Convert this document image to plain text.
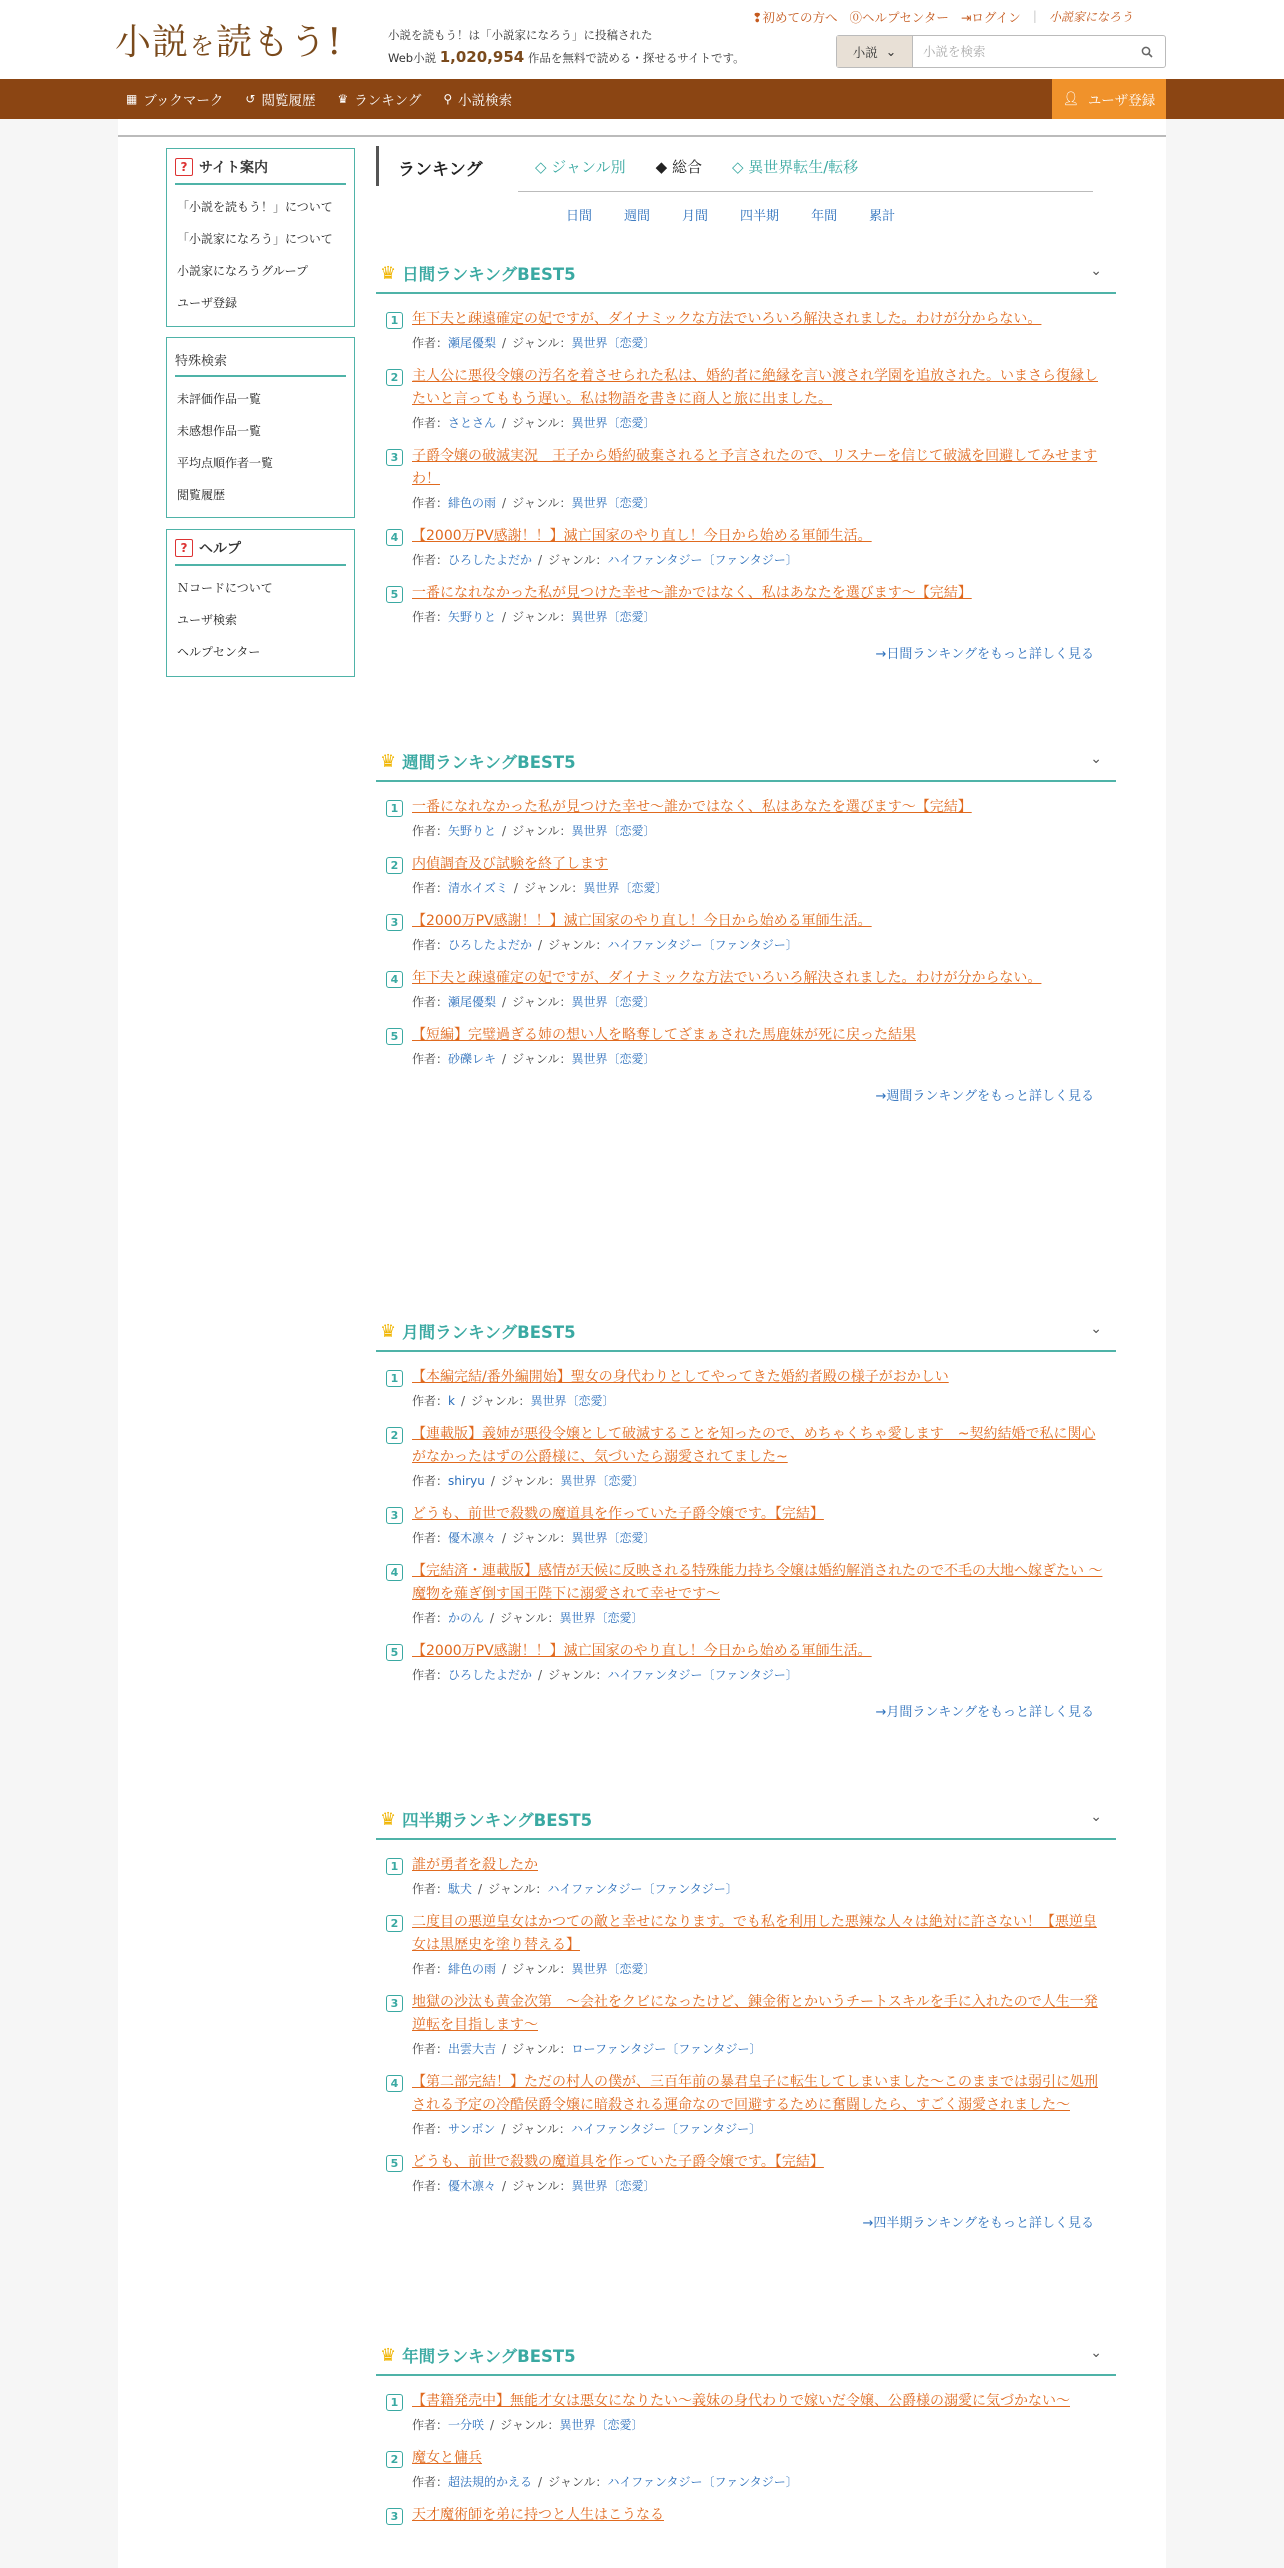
小説を読もう!	小説を読もう！は「小説家になろう」に投稿された
Web小説 1,020,954 作品を無料で読める・探せるサイトです。
❢初めての方へ ⓪ヘルプセンター ⇥ログイン | 小説家になろう
小説 ⌄
小説を検索
▦ ブックマーク ↺ 閲覧履歴 ♛ ランキング ⚲ 小説検索	👤︎ ユーザ登録
? サイト案内
「小説を読もう！」について
「小説家になろう」について
小説家になろうグループ
ユーザ登録
特殊検索
未評価作品一覧
未感想作品一覧
平均点順作者一覧
閲覧履歴
? ヘルプ
Ｎコードについて
ユーザ検索
ヘルプセンター
ランキング	◇ ジャンル別 ◆ 総合 ◇ 異世界転生/転移
日間 週間 月間 四半期 年間 累計
♛ 日間ランキングBEST5	⌄
1 年下夫と疎遠確定の妃ですが、ダイナミックな方法でいろいろ解決されました。わけが分からない。
作者：瀬尾優梨 / ジャンル：異世界〔恋愛〕
2 主人公に悪役令嬢の汚名を着させられた私は、婚約者に絶縁を言い渡され学園を追放された。いまさら復縁したいと言ってももう遅い。私は物語を書きに商人と旅に出ました。
作者：さとさん / ジャンル：異世界〔恋愛〕
3 子爵令嬢の破滅実況　王子から婚約破棄されると予言されたので、リスナーを信じて破滅を回避してみせますわ！
作者：緋色の雨 / ジャンル：異世界〔恋愛〕
4 【2000万PV感謝！！】滅亡国家のやり直し！今日から始める軍師生活。
作者：ひろしたよだか / ジャンル：ハイファンタジー〔ファンタジー〕
5 一番になれなかった私が見つけた幸せ〜誰かではなく、私はあなたを選びます〜【完結】
作者：矢野りと / ジャンル：異世界〔恋愛〕
→日間ランキングをもっと詳しく見る
♛ 週間ランキングBEST5	⌄
1 一番になれなかった私が見つけた幸せ〜誰かではなく、私はあなたを選びます〜【完結】
作者：矢野りと / ジャンル：異世界〔恋愛〕
2 内偵調査及び試験を終了します
作者：清水イズミ / ジャンル：異世界〔恋愛〕
3 【2000万PV感謝！！】滅亡国家のやり直し！今日から始める軍師生活。
作者：ひろしたよだか / ジャンル：ハイファンタジー〔ファンタジー〕
4 年下夫と疎遠確定の妃ですが、ダイナミックな方法でいろいろ解決されました。わけが分からない。
作者：瀬尾優梨 / ジャンル：異世界〔恋愛〕
5 【短編】完璧過ぎる姉の想い人を略奪してざまぁされた馬鹿妹が死に戻った結果
作者：砂礫レキ / ジャンル：異世界〔恋愛〕
→週間ランキングをもっと詳しく見る
♛ 月間ランキングBEST5	⌄
1 【本編完結/番外編開始】聖女の身代わりとしてやってきた婚約者殿の様子がおかしい
作者：k / ジャンル：異世界〔恋愛〕
2 【連載版】義姉が悪役令嬢として破滅することを知ったので、めちゃくちゃ愛します　~契約結婚で私に関心がなかったはずの公爵様に、気づいたら溺愛されてました~
作者：shiryu / ジャンル：異世界〔恋愛〕
3 どうも、前世で殺戮の魔道具を作っていた子爵令嬢です。【完結】
作者：優木凛々 / ジャンル：異世界〔恋愛〕
4 【完結済・連載版】感情が天候に反映される特殊能力持ち令嬢は婚約解消されたので不毛の大地へ嫁ぎたい ～魔物を薙ぎ倒す国王陛下に溺愛されて幸せです～
作者：かのん / ジャンル：異世界〔恋愛〕
5 【2000万PV感謝！！】滅亡国家のやり直し！今日から始める軍師生活。
作者：ひろしたよだか / ジャンル：ハイファンタジー〔ファンタジー〕
→月間ランキングをもっと詳しく見る
♛ 四半期ランキングBEST5	⌄
1 誰が勇者を殺したか
作者：駄犬 / ジャンル：ハイファンタジー〔ファンタジー〕
2 二度目の悪逆皇女はかつての敵と幸せになります。でも私を利用した悪辣な人々は絶対に許さない！【悪逆皇女は黒歴史を塗り替える】
作者：緋色の雨 / ジャンル：異世界〔恋愛〕
3 地獄の沙汰も黄金次第　～会社をクビになったけど、錬金術とかいうチートスキルを手に入れたので人生一発逆転を目指します～
作者：出雲大吉 / ジャンル：ローファンタジー〔ファンタジー〕
4 【第二部完結！】ただの村人の僕が、三百年前の暴君皇子に転生してしまいました～このままでは弱引に処刑される予定の冷酷侯爵令嬢に暗殺される運命なので回避するために奮闘したら、すごく溺愛されました～
作者：サンボン / ジャンル：ハイファンタジー〔ファンタジー〕
5 どうも、前世で殺戮の魔道具を作っていた子爵令嬢です。【完結】
作者：優木凛々 / ジャンル：異世界〔恋愛〕
→四半期ランキングをもっと詳しく見る
♛ 年間ランキングBEST5	⌄
1 【書籍発売中】無能才女は悪女になりたい～義妹の身代わりで嫁いだ令嬢、公爵様の溺愛に気づかない～
作者：一分咲 / ジャンル：異世界〔恋愛〕
2 魔女と傭兵
作者：超法規的かえる / ジャンル：ハイファンタジー〔ファンタジー〕
3 天才魔術師を弟に持つと人生はこうなる
